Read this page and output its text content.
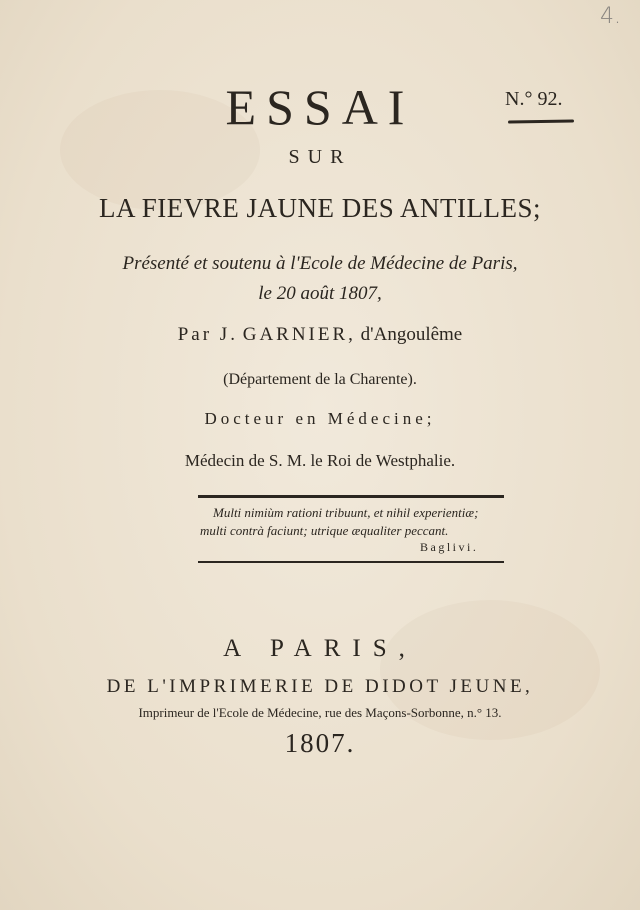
4.
ESSAI	N.° 92.
SUR
LA FIEVRE JAUNE DES ANTILLES;
Présenté et soutenu à l'Ecole de Médecine de Paris,
le 20 août 1807,
Par J. GARNIER, d'Angoulême
(Département de la Charente).
Docteur en Médecine;
Médecin de S. M. le Roi de Westphalie.
Multi nimiùm rationi tribuunt, et nihil experientiæ;
multi contrà faciunt; utrique æqualiter peccant.
Baglivi.
A PARIS,
DE L'IMPRIMERIE DE DIDOT JEUNE,
Imprimeur de l'Ecole de Médecine, rue des Maçons-Sorbonne, n.° 13.
1807.
